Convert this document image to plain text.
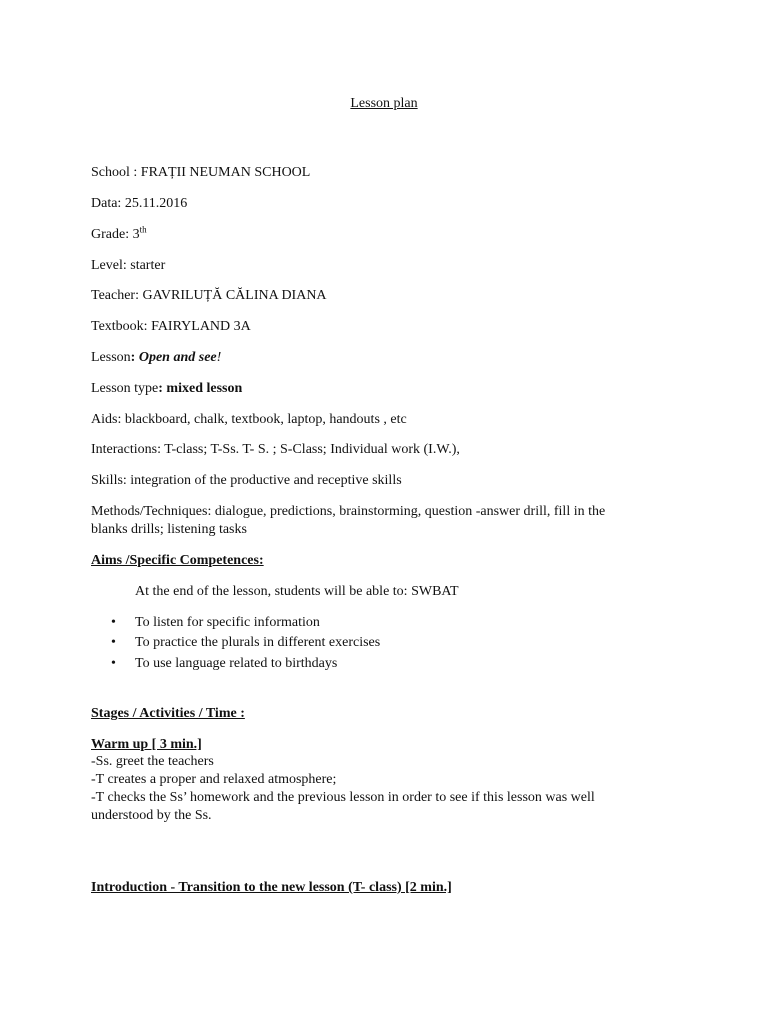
Lesson plan
School : FRAȚII NEUMAN SCHOOL
Data: 25.11.2016
Grade: 3th
Level: starter
Teacher: GAVRILUȚĂ CĂLINA DIANA
Textbook: FAIRYLAND 3A
Lesson: Open and see!
Lesson type: mixed lesson
Aids: blackboard, chalk, textbook, laptop, handouts , etc
Interactions: T-class; T-Ss. T- S. ; S-Class; Individual work (I.W.),
Skills: integration of the productive and receptive skills
Methods/Techniques: dialogue, predictions, brainstorming, question -answer drill, fill in the
blanks drills; listening tasks
Aims /Specific Competences:
At the end of the lesson, students will be able to: SWBAT
• To listen for specific information
• To practice the plurals in different exercises
• To use language related to birthdays
Stages / Activities / Time :
Warm up [ 3 min.]
-Ss. greet the teachers
-T creates a proper and relaxed atmosphere;
-T checks the Ss’ homework and the previous lesson in order to see if this lesson was well
understood by the Ss.
Introduction - Transition to the new lesson (T- class) [2 min.]
